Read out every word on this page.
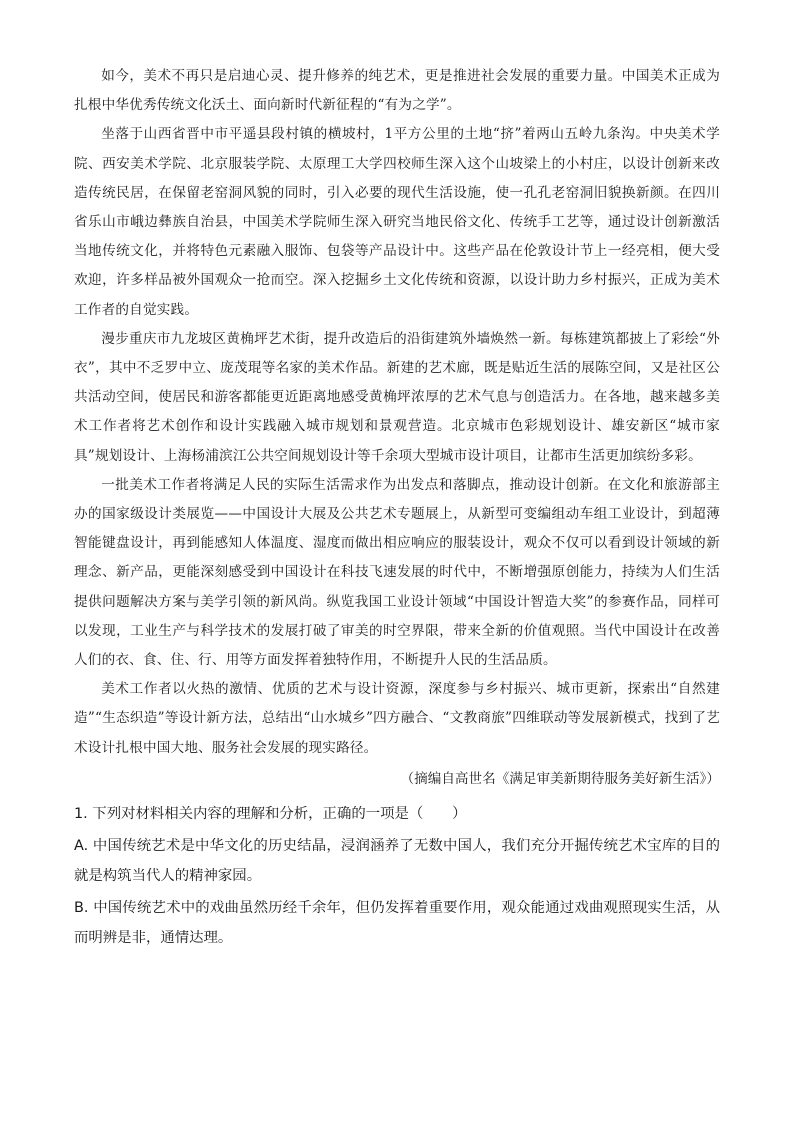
如今，美术不再只是启迪心灵、提升修养的纯艺术，更是推进社会发展的重要力量。中国美术正成为扎根中华优秀传统文化沃土、面向新时代新征程的“有为之学”。

坐落于山西省晋中市平遥县段村镇的横坡村，1平方公里的土地“挤”着两山五岭九条沟。中央美术学院、西安美术学院、北京服装学院、太原理工大学四校师生深入这个山坡梁上的小村庄，以设计创新来改造传统民居，在保留老窑洞风貌的同时，引入必要的现代生活设施，使一孔孔老窑洞旧貌换新颜。在四川省乐山市峨边彝族自治县，中国美术学院师生深入研究当地民俗文化、传统手工艺等，通过设计创新激活当地传统文化，并将特色元素融入服饰、包袋等产品设计中。这些产品在伦敦设计节上一经亮相，便大受欢迎，许多样品被外国观众一抢而空。深入挖掘乡土文化传统和资源，以设计助力乡村振兴，正成为美术工作者的自觉实践。

漫步重庆市九龙坡区黄桷坪艺术街，提升改造后的沿街建筑外墙焕然一新。每栋建筑都披上了彩绘“外衣”，其中不乏罗中立、庞茂琨等名家的美术作品。新建的艺术廊，既是贴近生活的展陈空间，又是社区公共活动空间，使居民和游客都能更近距离地感受黄桷坪浓厚的艺术气息与创造活力。在各地，越来越多美术工作者将艺术创作和设计实践融入城市规划和景观营造。北京城市色彩规划设计、雄安新区“城市家具”规划设计、上海杨浦滨江公共空间规划设计等千余项大型城市设计项目，让都市生活更加缤纷多彩。

一批美术工作者将满足人民的实际生活需求作为出发点和落脚点，推动设计创新。在文化和旅游部主办的国家级设计类展览——中国设计大展及公共艺术专题展上，从新型可变编组动车组工业设计，到超薄智能键盘设计，再到能感知人体温度、湿度而做出相应响应的服装设计，观众不仅可以看到设计领域的新理念、新产品，更能深刻感受到中国设计在科技飞速发展的时代中，不断增强原创能力，持续为人们生活提供问题解决方案与美学引领的新风尚。纵览我国工业设计领域“中国设计智造大奖”的参赛作品，同样可以发现，工业生产与科学技术的发展打破了审美的时空界限，带来全新的价值观照。当代中国设计在改善人们的衣、食、住、行、用等方面发挥着独特作用，不断提升人民的生活品质。

美术工作者以火热的激情、优质的艺术与设计资源，深度参与乡村振兴、城市更新，探索出“自然建造”“生态织造”等设计新方法，总结出“山水城乡”四方融合、“文教商旅”四维联动等发展新模式，找到了艺术设计扎根中国大地、服务社会发展的现实路径。

（摘编自高世名《满足审美新期待服务美好新生活》）

1. 下列对材料相关内容的理解和分析，正确的一项是（　　）

A. 中国传统艺术是中华文化的历史结晶，浸润涵养了无数中国人，我们充分开掘传统艺术宝库的目的就是构筑当代人的精神家园。

B. 中国传统艺术中的戏曲虽然历经千余年，但仍发挥着重要作用，观众能通过戏曲观照现实生活，从而明辨是非，通情达理。
